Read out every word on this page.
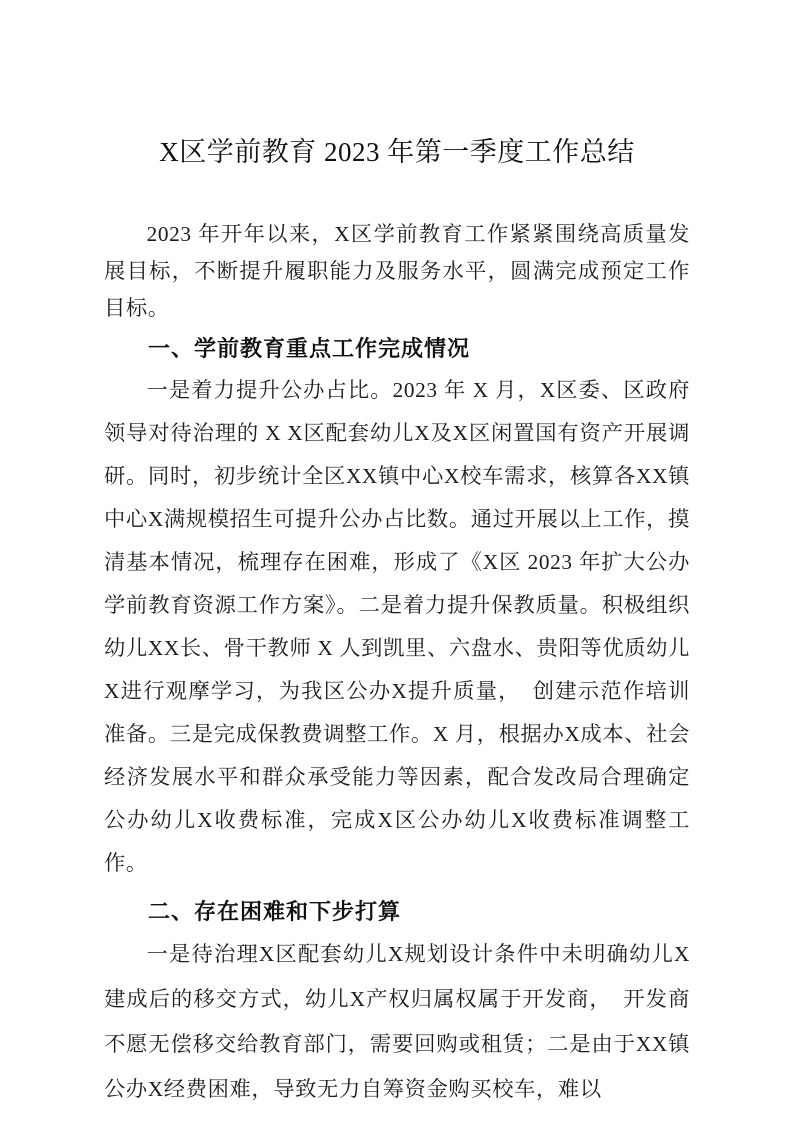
X区学前教育 2023 年第一季度工作总结

2023 年开年以来，X区学前教育工作紧紧围绕高质量发展目标，不断提升履职能力及服务水平，圆满完成预定工作目标。

一、学前教育重点工作完成情况

一是着力提升公办占比。2023 年 X 月，X区委、区政府领导对待治理的 X X区配套幼儿X及X区闲置国有资产开展调研。同时，初步统计全区XX镇中心X校车需求，核算各XX镇中心X满规模招生可提升公办占比数。通过开展以上工作，摸清基本情况，梳理存在困难，形成了《X区 2023 年扩大公办学前教育资源工作方案》。二是着力提升保教质量。积极组织幼儿XX长、骨干教师 X 人到凯里、六盘水、贵阳等优质幼儿X进行观摩学习，为我区公办X提升质量，　创建示范作培训准备。三是完成保教费调整工作。X 月，根据办X成本、社会经济发展水平和群众承受能力等因素，配合发改局合理确定公办幼儿X收费标准，完成X区公办幼儿X收费标准调整工作。

二、存在困难和下步打算

一是待治理X区配套幼儿X规划设计条件中未明确幼儿X建成后的移交方式，幼儿X产权归属权属于开发商，　开发商不愿无偿移交给教育部门，需要回购或租赁；二是由于XX镇公办X经费困难，导致无力自筹资金购买校车，难以
